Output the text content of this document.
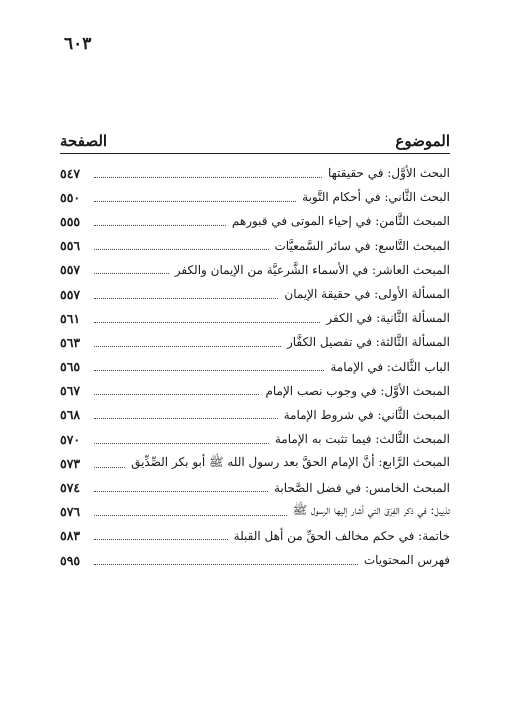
٦٠٣
الموضوع
الصفحة
البحث الأوَّل: في حقيقتها
٥٤٧
البحث الثَّاني: في أحكام التَّوبة
٥٥٠
المبحث الثَّامن: في إحياء الموتى في قبورهم
٥٥٥
المبحث التَّاسع: في سائر السَّمعيَّات
٥٥٦
المبحث العاشر: في الأسماء الشَّرعيَّة من الإيمان والكفر
٥٥٧
المسألة الأولى: في حقيقة الإيمان
٥٥٧
المسألة الثَّانية: في الكفر
٥٦١
المسألة الثَّالثة: في تفصيل الكفَّار
٥٦٣
الباب الثَّالث: في الإمامة
٥٦٥
المبحث الأوَّل: في وجوب نصب الإمام
٥٦٧
المبحث الثَّاني: في شروط الإمامة
٥٦٨
المبحث الثَّالث: فيما تثبت به الإمامة
٥٧٠
المبحث الرَّابع: أنَّ الإمام الحقَّ بعد رسول الله ﷺ أبو بكر الصِّدِّيق
٥٧٣
المبحث الخامس: في فضل الصَّحابة
٥٧٤
تذييل: في ذكر الفِرَق التي أشار إليها الرسول ﷺ
٥٧٦
خاتمة: في حكم مخالف الحقِّ من أهل القبلة
٥٨٣
فهرس المحتويات
٥٩٥
